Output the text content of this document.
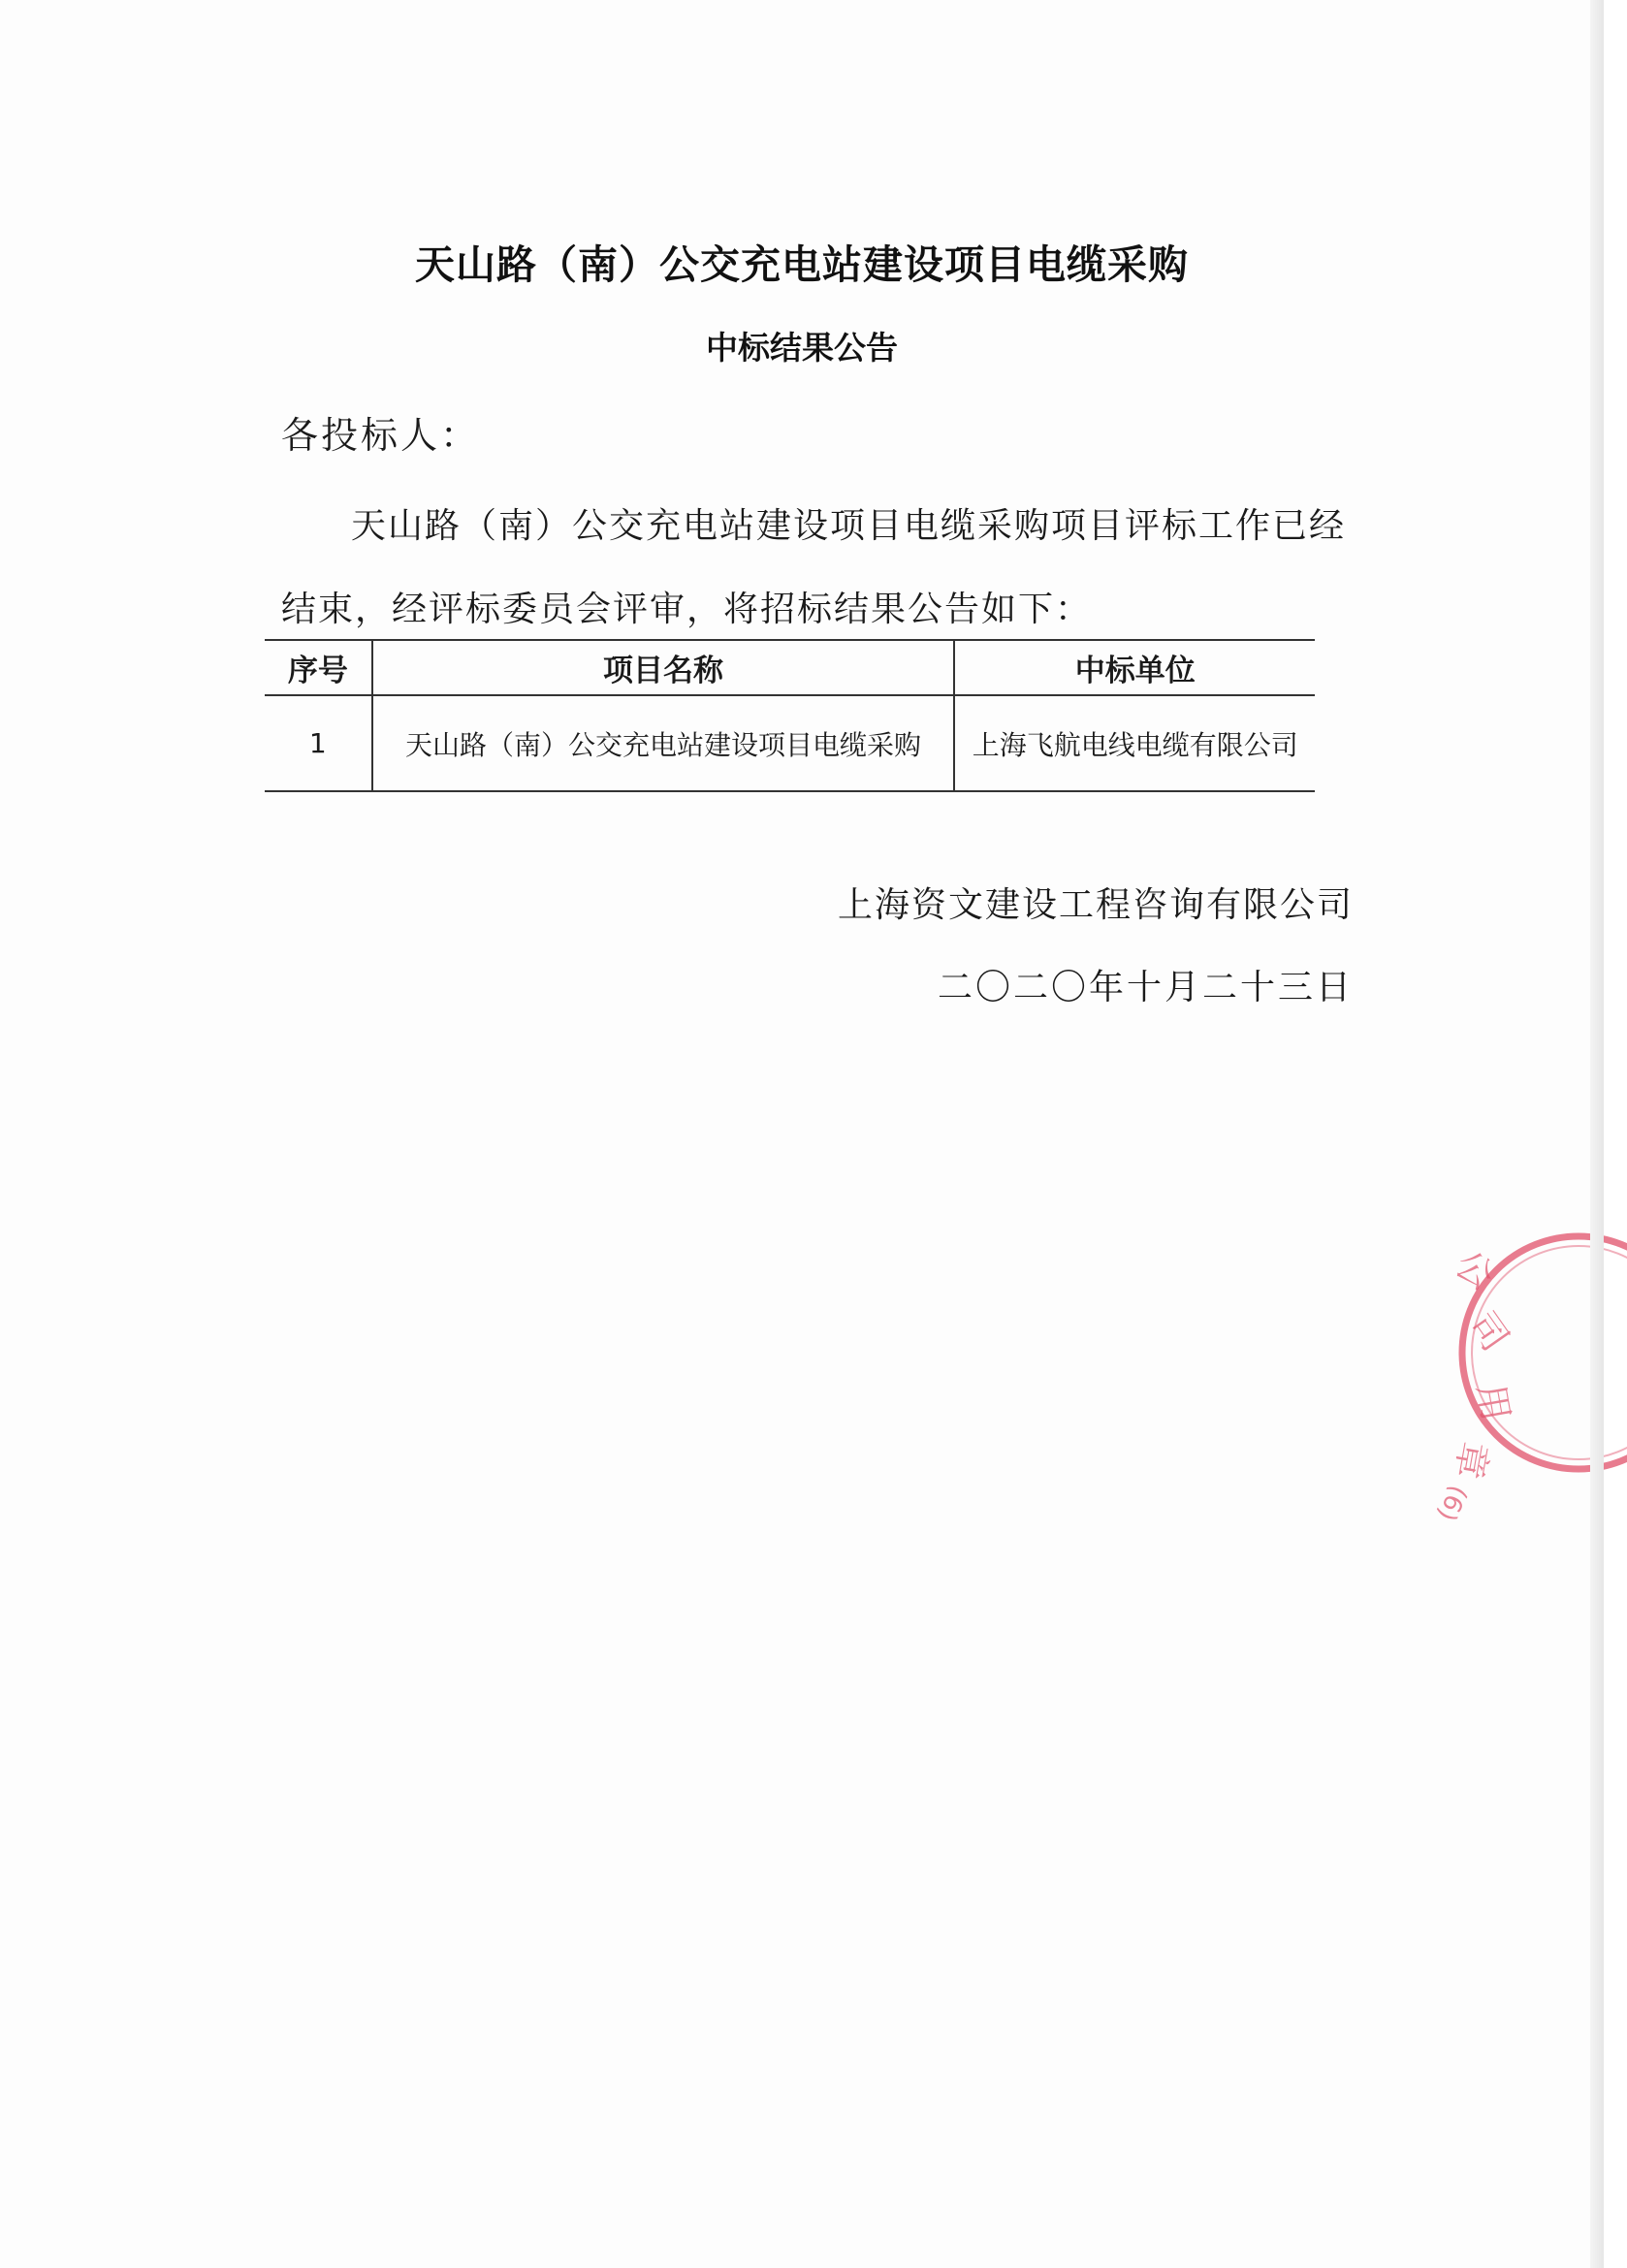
天山路（南）公交充电站建设项目电缆采购
中标结果公告
各投标人：
天山路（南）公交充电站建设项目电缆采购项目评标工作已经结束，经评标委员会评审，将招标结果公告如下：
序号	项目名称	中标单位
1	天山路（南）公交充电站建设项目电缆采购	上海飞航电线电缆有限公司
上海资文建设工程咨询有限公司
二〇二〇年十月二十三日
公
司
用
章
(6)
